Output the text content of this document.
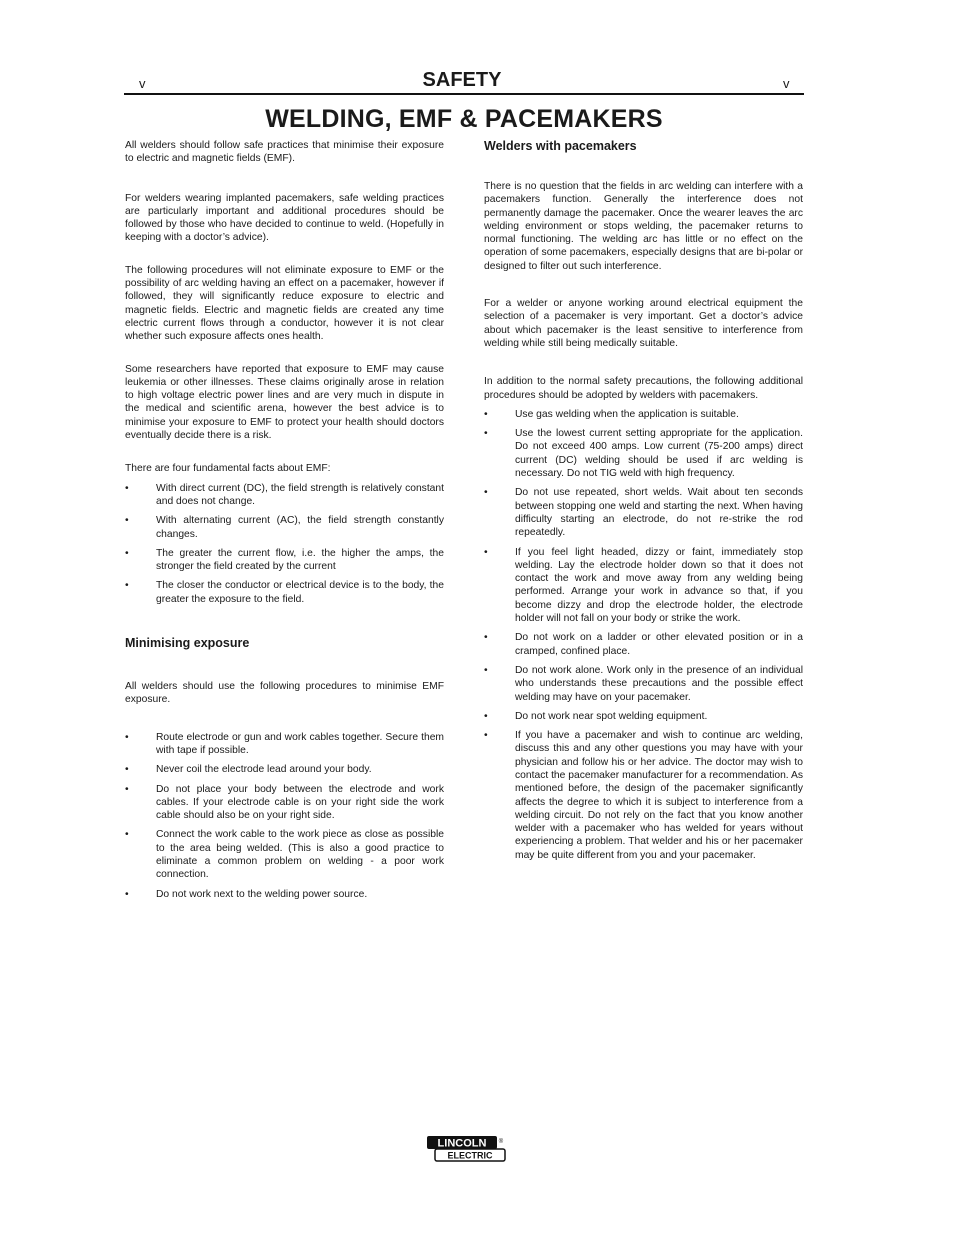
v	SAFETY	v
WELDING, EMF & PACEMAKERS

All welders should follow safe practices that minimise their exposure to electric and magnetic fields (EMF).

For welders wearing implanted pacemakers, safe welding practices are particularly important and additional procedures should be followed by those who have decided to continue to weld. (Hopefully in keeping with a doctor’s advice).

The following procedures will not eliminate exposure to EMF or the possibility of arc welding having an effect on a pacemaker, however if followed, they will significantly reduce exposure to electric and magnetic fields. Electric and magnetic fields are created any time electric current flows through a conductor, however it is not clear whether such exposure affects ones health.

Some researchers have reported that exposure to EMF may cause leukemia or other illnesses. These claims originally arose in relation to high voltage electric power lines and are very much in dispute in the medical and scientific arena, however the best advice is to minimise your exposure to EMF to protect your health should doctors eventually decide there is a risk.

There are four fundamental facts about EMF:

• With direct current (DC), the field strength is relatively constant and does not change.
• With alternating current (AC), the field strength constantly changes.
• The greater the current flow, i.e. the higher the amps, the stronger the field created by the current
• The closer the conductor or electrical device is to the body, the greater the exposure to the field.
Minimising exposure

All welders should use the following procedures to minimise EMF exposure.

• Route electrode or gun and work cables together. Secure them with tape if possible.
• Never coil the electrode lead around your body.
• Do not place your body between the electrode and work cables. If your electrode cable is on your right side the work cable should also be on your right side.
• Connect the work cable to the work piece as close as possible to the area being welded. (This is also a good practice to eliminate a common problem on welding - a poor work connection.
• Do not work next to the welding power source.
Welders with pacemakers

There is no question that the fields in arc welding can interfere with a pacemakers function. Generally the interference does not permanently damage the pacemaker. Once the wearer leaves the arc welding environment or stops welding, the pacemaker returns to normal functioning. The welding arc has little or no effect on the operation of some pacemakers, especially designs that are bi-polar or designed to filter out such interference.

For a welder or anyone working around electrical equipment the selection of a pacemaker is very important. Get a doctor’s advice about which pacemaker is the least sensitive to interference from welding while still being medically suitable.

In addition to the normal safety precautions, the following additional procedures should be adopted by welders with pacemakers.

• Use gas welding when the application is suitable.
• Use the lowest current setting appropriate for the application. Do not exceed 400 amps. Low current (75-200 amps) direct current (DC) welding should be used if arc welding is necessary. Do not TIG weld with high frequency.
• Do not use repeated, short welds. Wait about ten seconds between stopping one weld and starting the next. When having difficulty starting an electrode, do not re-strike the rod repeatedly.
• If you feel light headed, dizzy or faint, immediately stop welding. Lay the electrode holder down so that it does not contact the work and move away from any welding being performed. Arrange your work in advance so that, if you become dizzy and drop the electrode holder, the electrode holder will not fall on your body or strike the work.
• Do not work on a ladder or other elevated position or in a cramped, confined place.
• Do not work alone. Work only in the presence of an individual who understands these precautions and the possible effect welding may have on your pacemaker.
• Do not work near spot welding equipment.
• If you have a pacemaker and wish to continue arc welding, discuss this and any other questions you may have with your physician and follow his or her advice. The doctor may wish to contact the pacemaker manufacturer for a recommendation. As mentioned before, the design of the pacemaker significantly affects the degree to which it is subject to interference from a welding circuit. Do not rely on the fact that you know another welder with a pacemaker who has welded for years without experiencing a problem. That welder and his or her pacemaker may be quite different from you and your pacemaker.
LINCOLN ®
ELECTRIC
